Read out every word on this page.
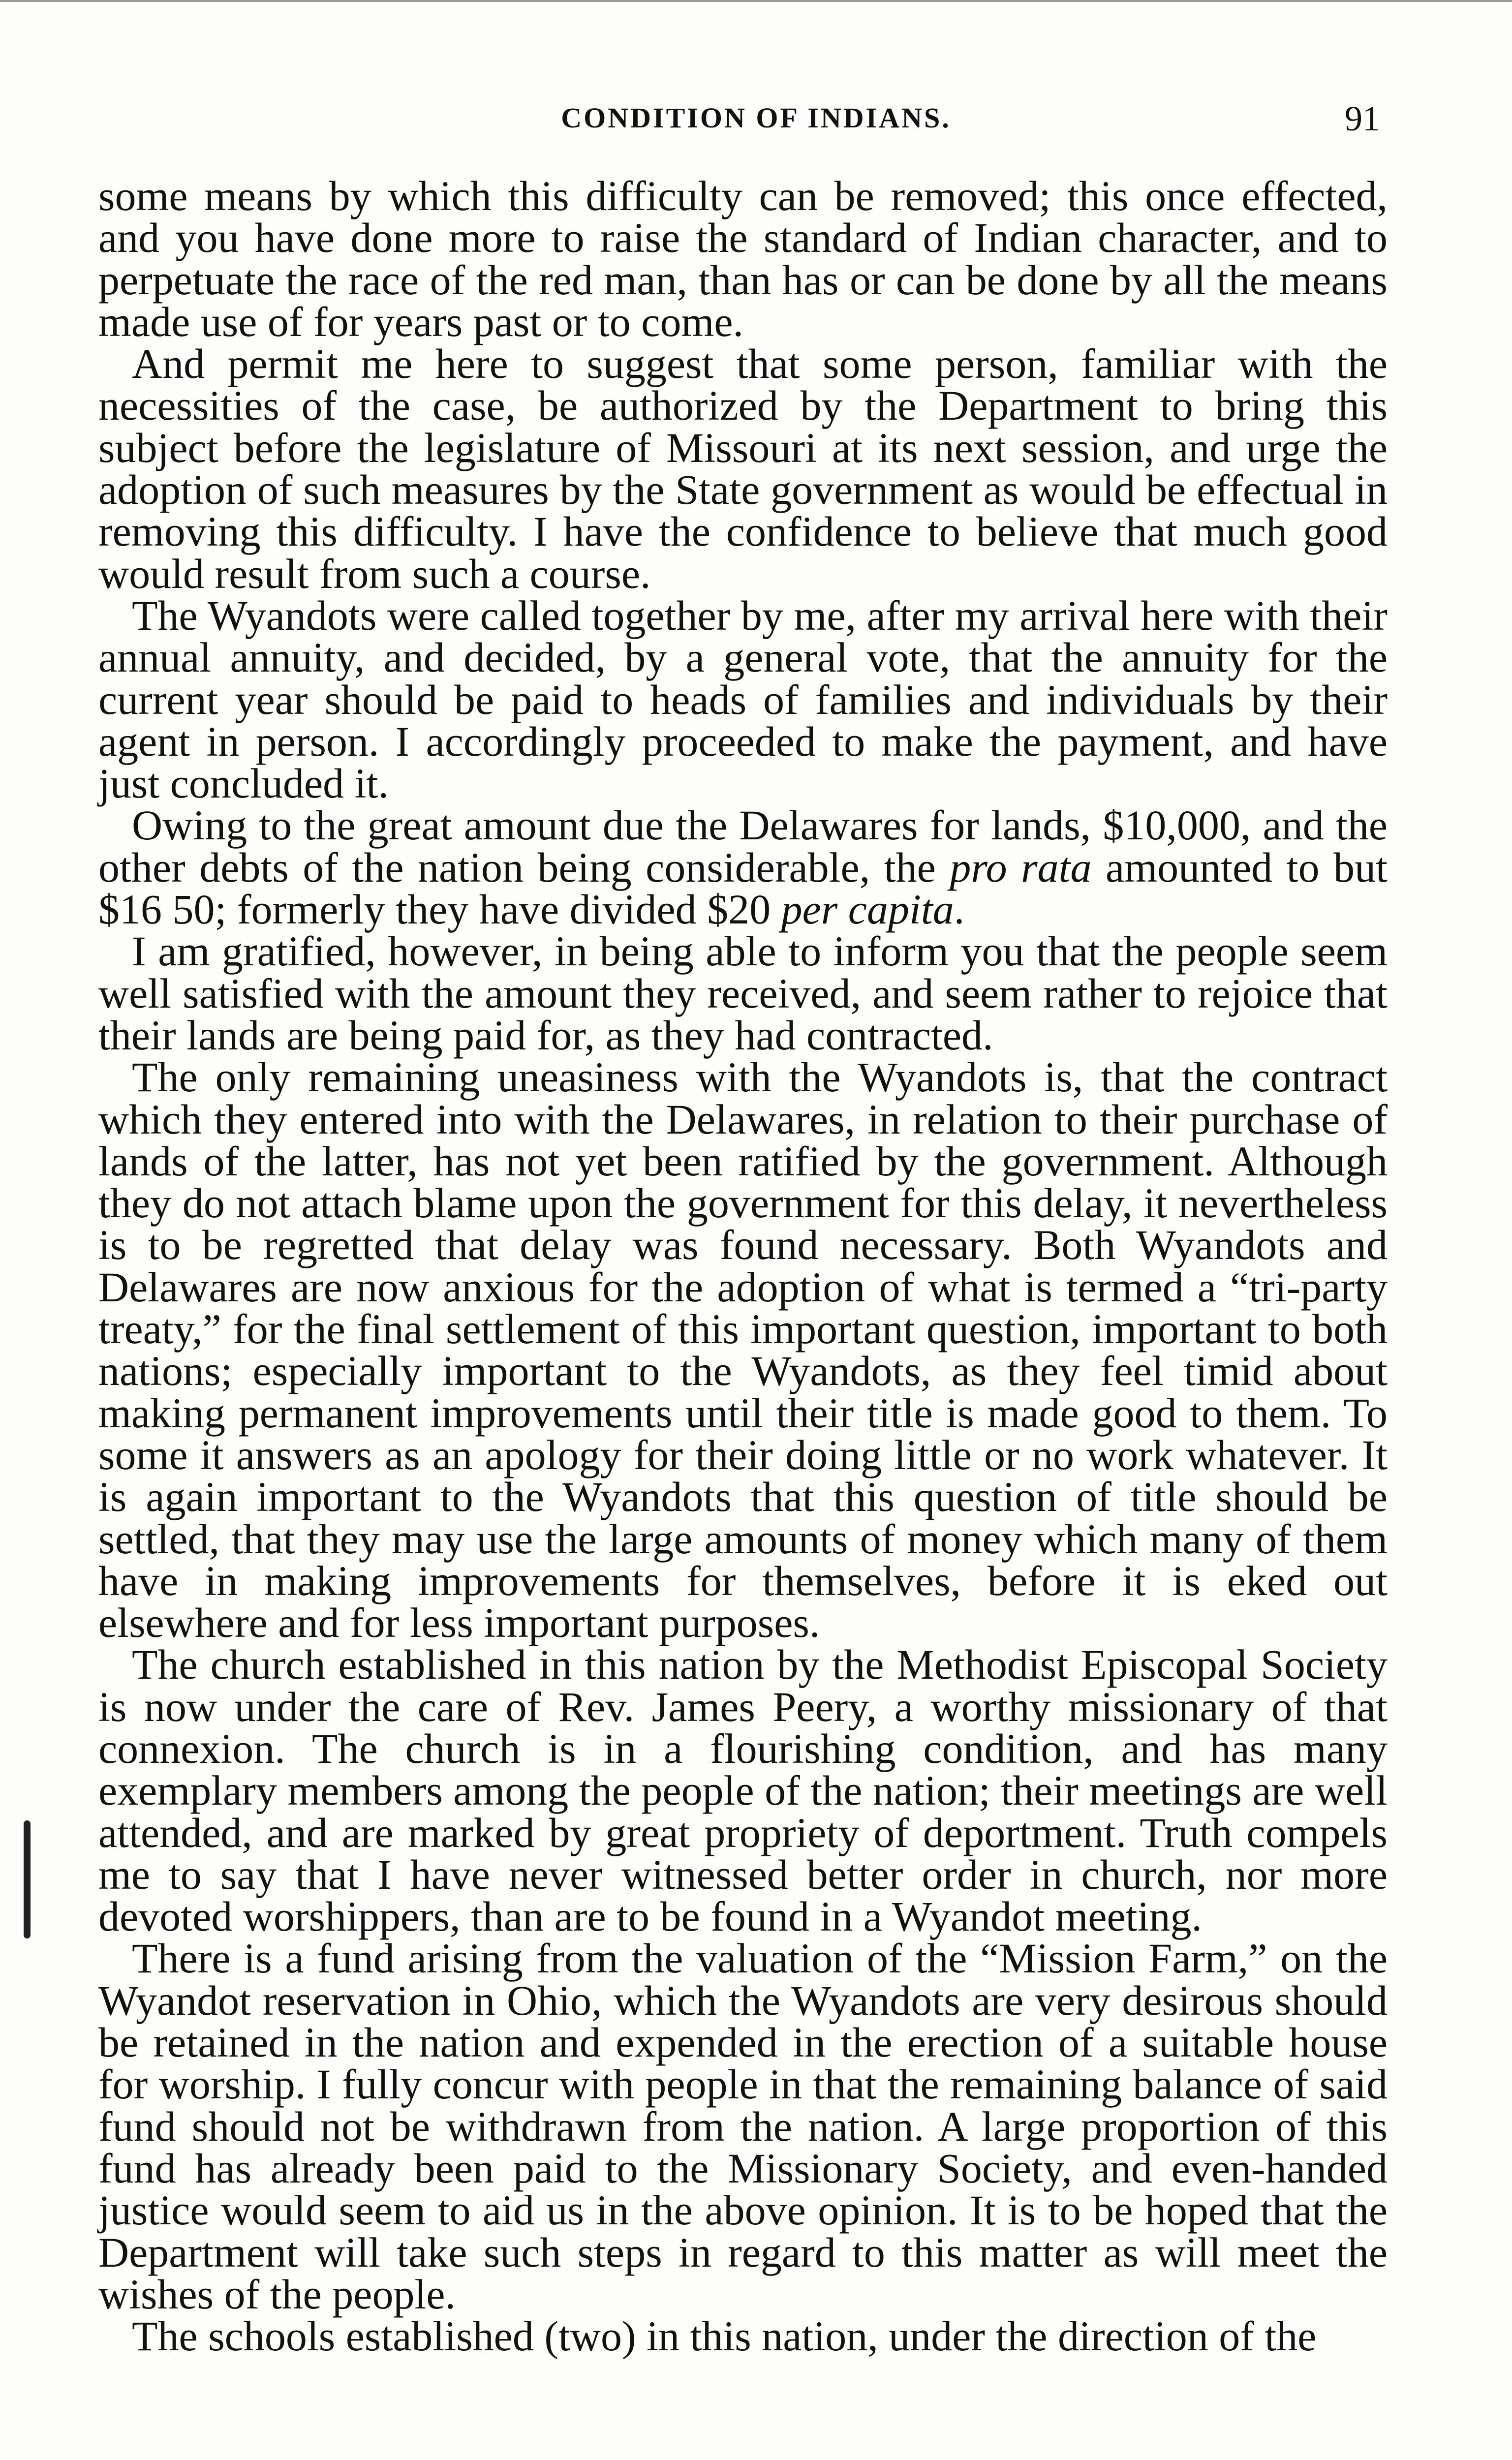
CONDITION OF INDIANS.	91

some means by which this difficulty can be removed; this once effected, and you have done more to raise the standard of Indian character, and to perpetuate the race of the red man, than has or can be done by all the means made use of for years past or to come.

And permit me here to suggest that some person, familiar with the necessities of the case, be authorized by the Department to bring this subject before the legislature of Missouri at its next session, and urge the adoption of such measures by the State government as would be effectual in removing this difficulty. I have the confidence to believe that much good would result from such a course.

The Wyandots were called together by me, after my arrival here with their annual annuity, and decided, by a general vote, that the annuity for the current year should be paid to heads of families and individuals by their agent in person. I accordingly proceeded to make the payment, and have just concluded it.

Owing to the great amount due the Delawares for lands, $10,000, and the other debts of the nation being considerable, the pro rata amounted to but $16 50; formerly they have divided $20 per capita.

I am gratified, however, in being able to inform you that the people seem well satisfied with the amount they received, and seem rather to rejoice that their lands are being paid for, as they had contracted.

The only remaining uneasiness with the Wyandots is, that the contract which they entered into with the Delawares, in relation to their purchase of lands of the latter, has not yet been ratified by the government. Although they do not attach blame upon the government for this delay, it nevertheless is to be regretted that delay was found necessary. Both Wyandots and Delawares are now anxious for the adoption of what is termed a “tri-party treaty,” for the final settlement of this important question, important to both nations; especially important to the Wyandots, as they feel timid about making permanent improvements until their title is made good to them. To some it answers as an apology for their doing little or no work whatever. It is again important to the Wyandots that this question of title should be settled, that they may use the large amounts of money which many of them have in making improvements for themselves, before it is eked out elsewhere and for less important purposes.

The church established in this nation by the Methodist Episcopal Society is now under the care of Rev. James Peery, a worthy missionary of that connexion. The church is in a flourishing condition, and has many exemplary members among the people of the nation; their meetings are well attended, and are marked by great propriety of deportment. Truth compels me to say that I have never witnessed better order in church, nor more devoted worshippers, than are to be found in a Wyandot meeting.

There is a fund arising from the valuation of the “Mission Farm,” on the Wyandot reservation in Ohio, which the Wyandots are very desirous should be retained in the nation and expended in the erection of a suitable house for worship. I fully concur with people in that the remaining balance of said fund should not be withdrawn from the nation. A large proportion of this fund has already been paid to the Missionary Society, and even-handed justice would seem to aid us in the above opinion. It is to be hoped that the Department will take such steps in regard to this matter as will meet the wishes of the people.

The schools established (two) in this nation, under the direction of the
